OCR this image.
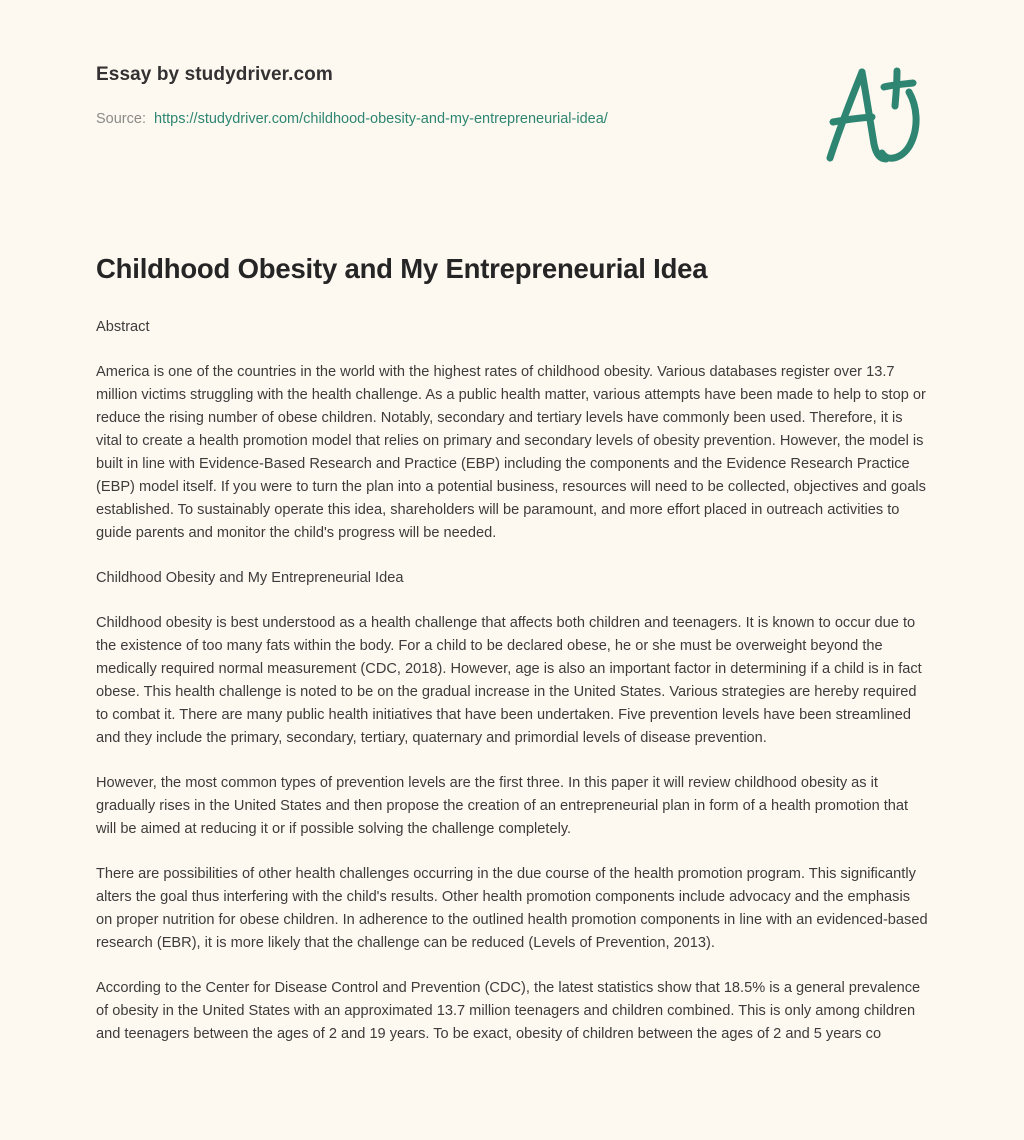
Essay by studydriver.com
Source: https://studydriver.com/childhood-obesity-and-my-entrepreneurial-idea/
Childhood Obesity and My Entrepreneurial Idea

Abstract

America is one of the countries in the world with the highest rates of childhood obesity. Various databases register over 13.7 million victims struggling with the health challenge. As a public health matter, various attempts have been made to help to stop or reduce the rising number of obese children. Notably, secondary and tertiary levels have commonly been used. Therefore, it is vital to create a health promotion model that relies on primary and secondary levels of obesity prevention. However, the model is built in line with Evidence-Based Research and Practice (EBP) including the components and the Evidence Research Practice (EBP) model itself. If you were to turn the plan into a potential business, resources will need to be collected, objectives and goals established. To sustainably operate this idea, shareholders will be paramount, and more effort placed in outreach activities to guide parents and monitor the child's progress will be needed.

Childhood Obesity and My Entrepreneurial Idea

Childhood obesity is best understood as a health challenge that affects both children and teenagers. It is known to occur due to the existence of too many fats within the body. For a child to be declared obese, he or she must be overweight beyond the medically required normal measurement (CDC, 2018). However, age is also an important factor in determining if a child is in fact obese. This health challenge is noted to be on the gradual increase in the United States. Various strategies are hereby required to combat it. There are many public health initiatives that have been undertaken. Five prevention levels have been streamlined and they include the primary, secondary, tertiary, quaternary and primordial levels of disease prevention.

However, the most common types of prevention levels are the first three. In this paper it will review childhood obesity as it gradually rises in the United States and then propose the creation of an entrepreneurial plan in form of a health promotion that will be aimed at reducing it or if possible solving the challenge completely.

There are possibilities of other health challenges occurring in the due course of the health promotion program. This significantly alters the goal thus interfering with the child's results. Other health promotion components include advocacy and the emphasis on proper nutrition for obese children. In adherence to the outlined health promotion components in line with an evidenced-based research (EBR), it is more likely that the challenge can be reduced (Levels of Prevention, 2013).

According to the Center for Disease Control and Prevention (CDC), the latest statistics show that 18.5% is a general prevalence of obesity in the United States with an approximated 13.7 million teenagers and children combined. This is only among children and teenagers between the ages of 2 and 19 years. To be exact, obesity of children between the ages of 2 and 5 years co
